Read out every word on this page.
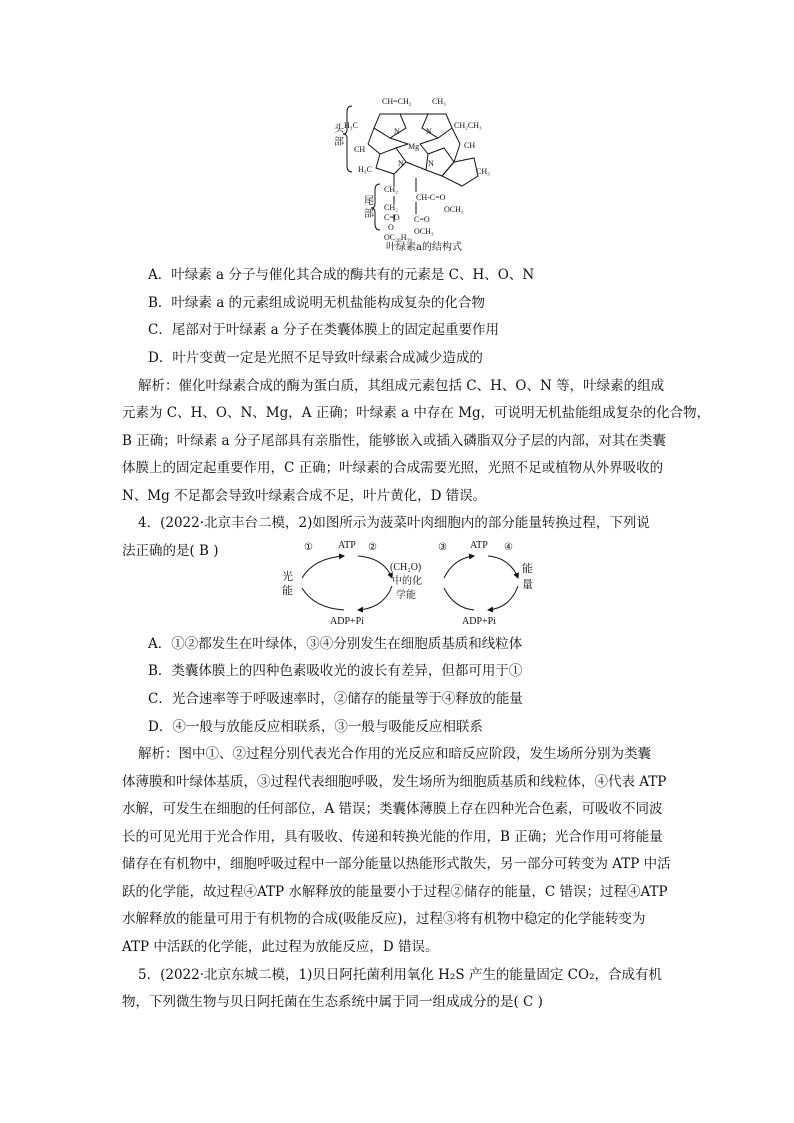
头
部
尾
部
CH=CH₂	CH₃
CH₂CH₃
H₃C
CH	Mg	CH
H₃C	CH₃
N	N
N	N
CH₂
CH₂
C=O
O
OC₂₀H₃₉
CH-C=O
OCH₃
C=O
OCH₃
叶绿素a的结构式
A．叶绿素 a 分子与催化其合成的酶共有的元素是 C、H、O、N
B．叶绿素 a 的元素组成说明无机盐能构成复杂的化合物
C．尾部对于叶绿素 a 分子在类囊体膜上的固定起重要作用
D．叶片变黄一定是光照不足导致叶绿素合成减少造成的
解析：催化叶绿素合成的酶为蛋白质，其组成元素包括 C、H、O、N 等，叶绿素的组成
元素为 C、H、O、N、Mg，A 正确；叶绿素 a 中存在 Mg，可说明无机盐能组成复杂的化合物，
B 正确；叶绿素 a 分子尾部具有亲脂性，能够嵌入或插入磷脂双分子层的内部，对其在类囊
体膜上的固定起重要作用，C 正确；叶绿素的合成需要光照，光照不足或植物从外界吸收的
N、Mg 不足都会导致叶绿素合成不足，叶片黄化，D 错误。
4．(2022·北京丰台二模，2)如图所示为菠菜叶肉细胞内的部分能量转换过程，下列说
法正确的是( B )	①	②	③	④
ATP	ATP
ADP+Pi	ADP+Pi
光
能
(CH₂O)
中的化
学能
能
量
A．①②都发生在叶绿体，③④分别发生在细胞质基质和线粒体
B．类囊体膜上的四种色素吸收光的波长有差异，但都可用于①
C．光合速率等于呼吸速率时，②储存的能量等于④释放的能量
D．④一般与放能反应相联系，③一般与吸能反应相联系
解析：图中①、②过程分别代表光合作用的光反应和暗反应阶段，发生场所分别为类囊
体薄膜和叶绿体基质，③过程代表细胞呼吸，发生场所为细胞质基质和线粒体，④代表 ATP
水解，可发生在细胞的任何部位，A 错误；类囊体薄膜上存在四种光合色素，可吸收不同波
长的可见光用于光合作用，具有吸收、传递和转换光能的作用，B 正确；光合作用可将能量
储存在有机物中，细胞呼吸过程中一部分能量以热能形式散失，另一部分可转变为 ATP 中活
跃的化学能，故过程④ATP 水解释放的能量要小于过程②储存的能量，C 错误；过程④ATP
水解释放的能量可用于有机物的合成(吸能反应)，过程③将有机物中稳定的化学能转变为
ATP 中活跃的化学能，此过程为放能反应，D 错误。
5．(2022·北京东城二模，1)贝日阿托菌利用氧化 H₂S 产生的能量固定 CO₂，合成有机
物，下列微生物与贝日阿托菌在生态系统中属于同一组成成分的是( C )
